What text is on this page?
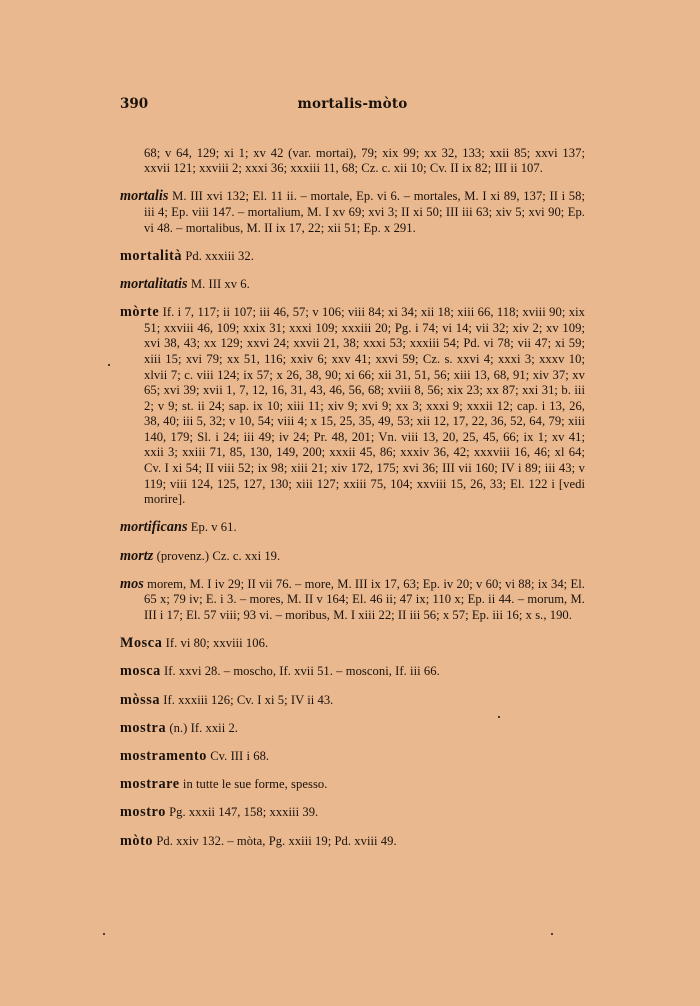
390	mortalis-mòto

68; v 64, 129; xi 1; xv 42 (var. mortai), 79; xix 99; xx 32, 133; xxii 85; xxvi 137; xxvii 121; xxviii 2; xxxi 36; xxxiii 11, 68; Cz. c. xii 10; Cv. II ix 82; III ii 107.

mortalis M. III xvi 132; El. 11 ii. – mortale, Ep. vi 6. – mortales, M. I xi 89, 137; II i 58; iii 4; Ep. viii 147. – mortalium, M. I xv 69; xvi 3; II xi 50; III iii 63; xiv 5; xvi 90; Ep. vi 48. – mortalibus, M. II ix 17, 22; xii 51; Ep. x 291.

mortalità Pd. xxxiii 32.

mortalitatis M. III xv 6.

mòrte If. i 7, 117; ii 107; iii 46, 57; v 106; viii 84; xi 34; xii 18; xiii 66, 118; xviii 90; xix 51; xxviii 46, 109; xxix 31; xxxi 109; xxxiii 20; Pg. i 74; vi 14; vii 32; xiv 2; xv 109; xvi 38, 43; xx 129; xxvi 24; xxvii 21, 38; xxxi 53; xxxiii 54; Pd. vi 78; vii 47; xi 59; xiii 15; xvi 79; xx 51, 116; xxiv 6; xxv 41; xxvi 59; Cz. s. xxvi 4; xxxi 3; xxxv 10; xlvii 7; c. viii 124; ix 57; x 26, 38, 90; xi 66; xii 31, 51, 56; xiii 13, 68, 91; xiv 37; xv 65; xvi 39; xvii 1, 7, 12, 16, 31, 43, 46, 56, 68; xviii 8, 56; xix 23; xx 87; xxi 31; b. iii 2; v 9; st. ii 24; sap. ix 10; xiii 11; xiv 9; xvi 9; xx 3; xxxi 9; xxxii 12; cap. i 13, 26, 38, 40; iii 5, 32; v 10, 54; viii 4; x 15, 25, 35, 49, 53; xii 12, 17, 22, 36, 52, 64, 79; xiii 140, 179; Sl. i 24; iii 49; iv 24; Pr. 48, 201; Vn. viii 13, 20, 25, 45, 66; ix 1; xv 41; xxii 3; xxiii 71, 85, 130, 149, 200; xxxii 45, 86; xxxiv 36, 42; xxxviii 16, 46; xl 64; Cv. I xi 54; II viii 52; ix 98; xiii 21; xiv 172, 175; xvi 36; III vii 160; IV i 89; iii 43; v 119; viii 124, 125, 127, 130; xiii 127; xxiii 75, 104; xxviii 15, 26, 33; El. 122 i [vedi morire].

mortificans Ep. v 61.

mortz (provenz.) Cz. c. xxi 19.

mos morem, M. I iv 29; II vii 76. – more, M. III ix 17, 63; Ep. iv 20; v 60; vi 88; ix 34; El. 65 x; 79 iv; E. i 3. – mores, M. II v 164; El. 46 ii; 47 ix; 110 x; Ep. ii 44. – morum, M. III i 17; El. 57 viii; 93 vi. – moribus, M. I xiii 22; II iii 56; x 57; Ep. iii 16; x s., 190.

Mosca If. vi 80; xxviii 106.

mosca If. xxvi 28. – moscho, If. xvii 51. – mosconi, If. iii 66.

mòssa If. xxxiii 126; Cv. I xi 5; IV ii 43.

mostra (n.) If. xxii 2.

mostramento Cv. III i 68.

mostrare in tutte le sue forme, spesso.

mostro Pg. xxxii 147, 158; xxxiii 39.

mòto Pd. xxiv 132. – mòta, Pg. xxiii 19; Pd. xviii 49.
